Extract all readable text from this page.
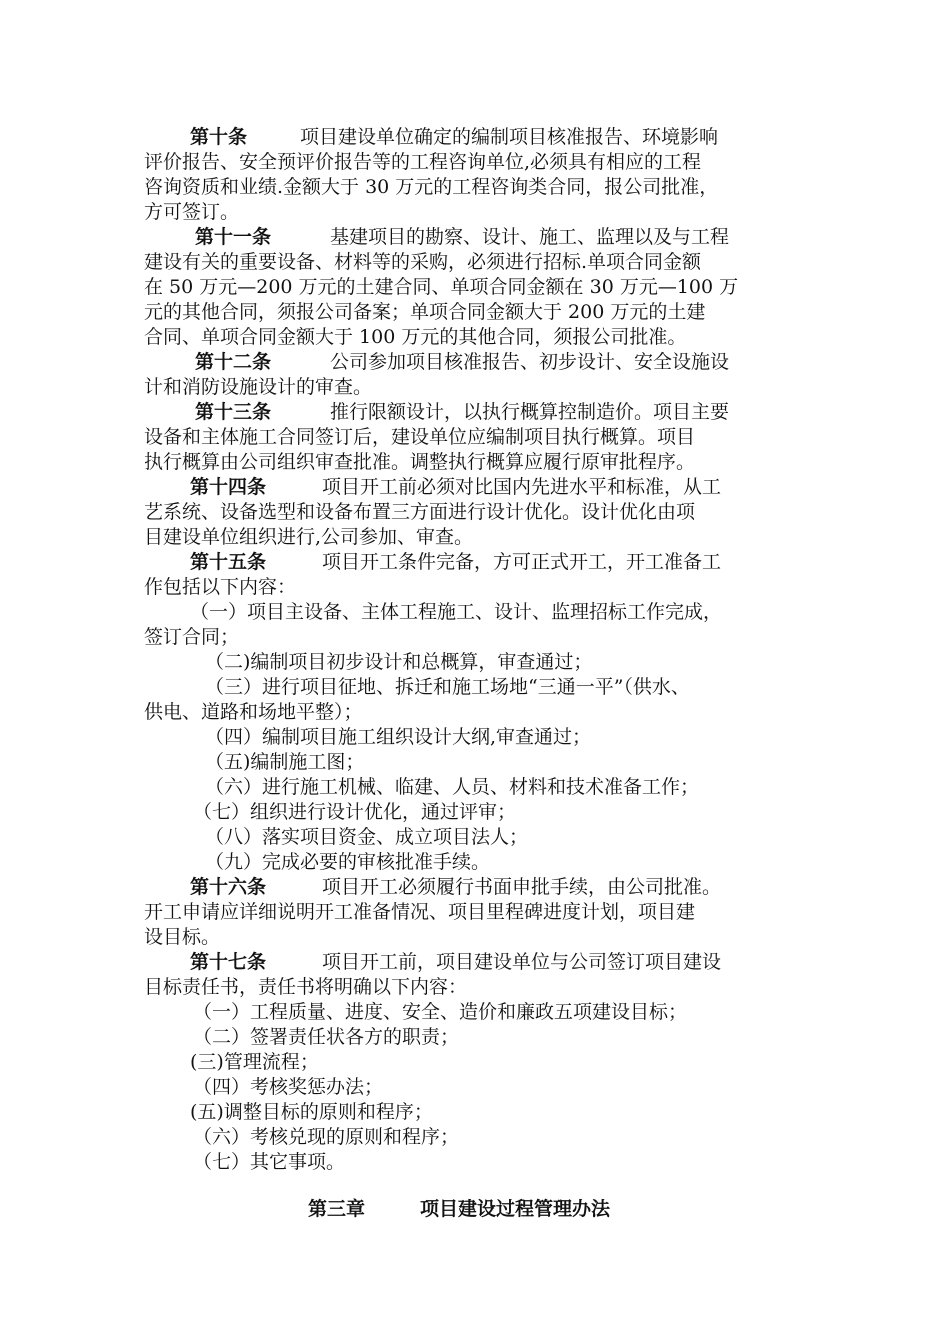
第十条	项目建设单位确定的编制项目核准报告、环境影响
评价报告、安全预评价报告等的工程咨询单位,必须具有相应的工程
咨询资质和业绩.金额大于 30 万元的工程咨询类合同，报公司批准，
方可签订。
第十一条	基建项目的勘察、设计、施工、监理以及与工程
建设有关的重要设备、材料等的采购，必须进行招标.单项合同金额
在 50 万元—200 万元的土建合同、单项合同金额在 30 万元—100 万
元的其他合同，须报公司备案；单项合同金额大于 200 万元的土建
合同、单项合同金额大于 100 万元的其他合同，须报公司批准。
第十二条	公司参加项目核准报告、初步设计、安全设施设
计和消防设施设计的审查。
第十三条	推行限额设计，以执行概算控制造价。项目主要
设备和主体施工合同签订后，建设单位应编制项目执行概算。项目
执行概算由公司组织审查批准。调整执行概算应履行原审批程序。
第十四条	项目开工前必须对比国内先进水平和标准，从工
艺系统、设备选型和设备布置三方面进行设计优化。设计优化由项
目建设单位组织进行,公司参加、审查。
第十五条	项目开工条件完备，方可正式开工，开工准备工
作包括以下内容：
（一）项目主设备、主体工程施工、设计、监理招标工作完成，
签订合同；
（二)编制项目初步设计和总概算，审查通过；
（三）进行项目征地、拆迁和施工场地“三通一平”（供水、
供电、道路和场地平整）；
（四）编制项目施工组织设计大纲,审查通过；
（五)编制施工图；
（六）进行施工机械、临建、人员、材料和技术准备工作；
（七）组织进行设计优化，通过评审；
（八）落实项目资金、成立项目法人；
（九）完成必要的审核批准手续。
第十六条	项目开工必须履行书面申批手续，由公司批准。
开工申请应详细说明开工准备情况、项目里程碑进度计划，项目建
设目标。
第十七条	项目开工前，项目建设单位与公司签订项目建设
目标责任书，责任书将明确以下内容：
（一）工程质量、进度、安全、造价和廉政五项建设目标；
（二）签署责任状各方的职责；
(三)管理流程；
（四）考核奖惩办法；
(五)调整目标的原则和程序；
（六）考核兑现的原则和程序；
（七）其它事项。
第三章	项目建设过程管理办法
